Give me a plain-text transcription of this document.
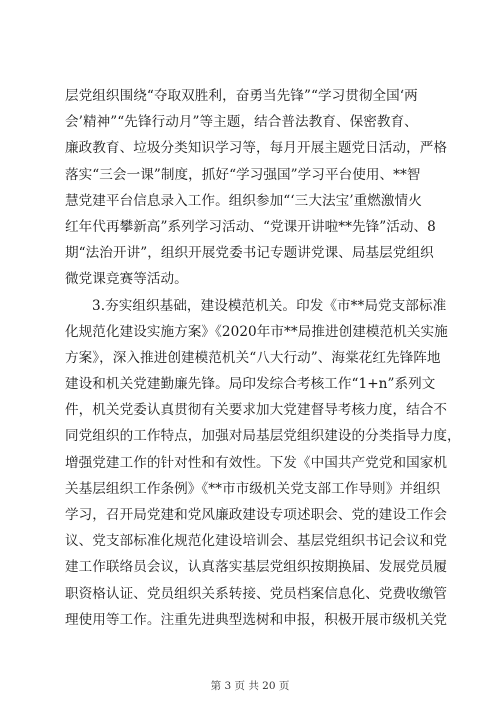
层党组织围绕“夺取双胜利，奋勇当先锋”“学习贯彻全国‘两
会’精神”“先锋行动月”等主题，结合普法教育、保密教育、
廉政教育、垃圾分类知识学习等，每月开展主题党日活动，严格
落实“三会一课”制度，抓好“学习强国”学习平台使用、**智
慧党建平台信息录入工作。组织参加“‘三大法宝’重燃激情火
红年代再攀新高”系列学习活动、“党课开讲啦**先锋”活动、8
期“法治开讲”，组织开展党委书记专题讲党课、局基层党组织
微党课竞赛等活动。
3.夯实组织基础，建设模范机关。印发《市**局党支部标准
化规范化建设实施方案》《2020年市**局推进创建模范机关实施
方案》，深入推进创建模范机关“八大行动”、海棠花红先锋阵地
建设和机关党建勤廉先锋。局印发综合考核工作“1+n”系列文
件，机关党委认真贯彻有关要求加大党建督导考核力度，结合不
同党组织的工作特点，加强对局基层党组织建设的分类指导力度，
增强党建工作的针对性和有效性。下发《中国共产党党和国家机
关基层组织工作条例》《**市市级机关党支部工作导则》并组织
学习，召开局党建和党风廉政建设专项述职会、党的建设工作会
议、党支部标准化规范化建设培训会、基层党组织书记会议和党
建工作联络员会议，认真落实基层党组织按期换届、发展党员履
职资格认证、党员组织关系转接、党员档案信息化、党费收缴管
理使用等工作。注重先进典型选树和申报，积极开展市级机关党
第 3 页 共 20 页
